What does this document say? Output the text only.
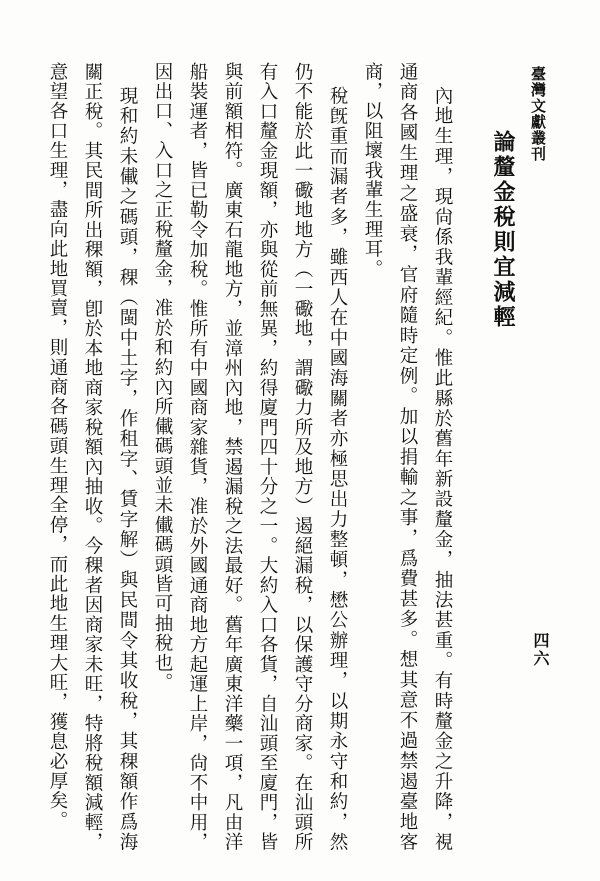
臺灣文獻叢刊
四六
論釐金稅則宜減輕

內地生理，現尙係我輩經紀。惟此縣於舊年新設釐金，抽法甚重。有時釐金之升降，視通商各國生理之盛衰，官府隨時定例。加以捐輸之事，爲費甚多。想其意不過禁遏臺地客商，以阻壞我輩生理耳。

稅旣重而漏者多，雖西人在中國海關者亦極思出力整頓，懋公辦理，以期永守和約，然仍不能於此一礮地地方（一礮地，謂礮力所及地方）遏絕漏稅，以保護守分商家。在汕頭所有入口釐金現額，亦與從前無異，約得廈門四十分之一。大約入口各貨，自汕頭至廈門，皆與前額相符。廣東石龍地方，並漳州內地，禁遏漏稅之法最好。舊年廣東洋藥一項，凡由洋船裝運者，皆已勒令加稅。惟所有中國商家雜貨，准於外國通商地方起運上岸，尙不中用，因出口、入口之正稅釐金，准於和約內所儎碼頭並未儎碼頭皆可抽稅也。

現和約未儎之碼頭，稞（閩中土字，作租字、賃字解）與民間令其收稅，其稞額作爲海關正稅。其民間所出稞額，卽於本地商家稅額內抽收。今稞者因商家未旺，特將稅額減輕，意望各口生理，盡向此地買賣，則通商各碼頭生理全停，而此地生理大旺，獲息必厚矣。
